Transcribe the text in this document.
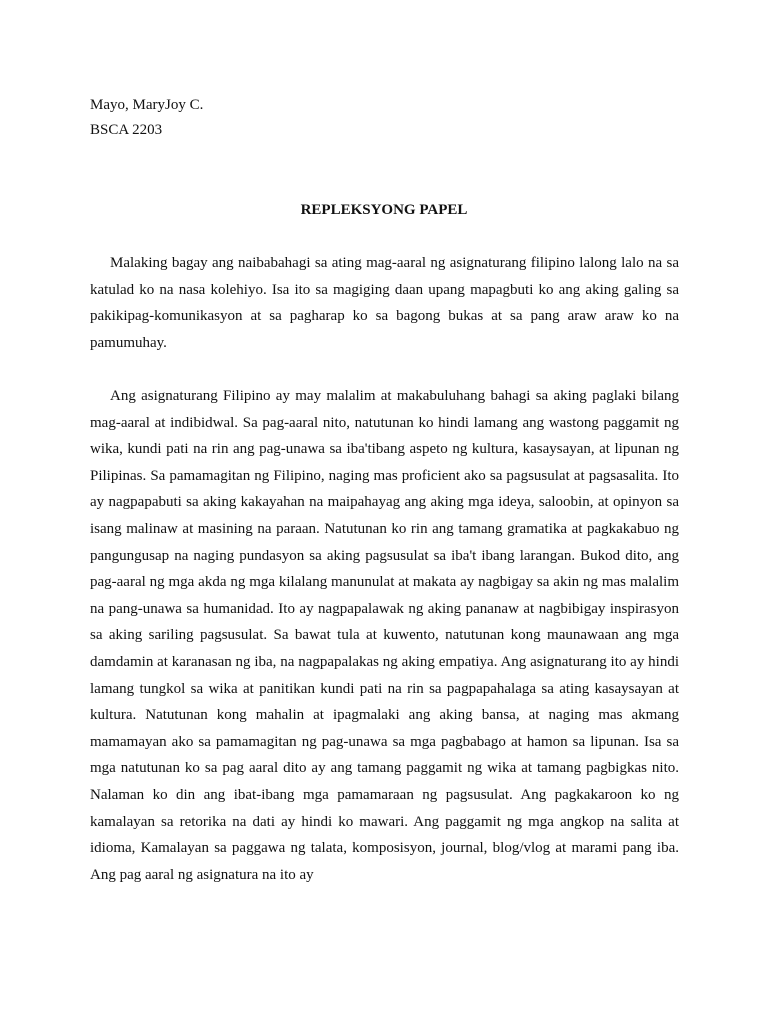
Mayo, MaryJoy C.
BSCA 2203
REPLEKSYONG PAPEL

Malaking bagay ang naibabahagi sa ating mag-aaral ng asignaturang filipino lalong lalo na sa katulad ko na nasa kolehiyo. Isa ito sa magiging daan upang mapagbuti ko ang aking galing sa pakikipag-komunikasyon at sa pagharap ko sa bagong bukas at sa pang araw araw ko na pamumuhay.

Ang asignaturang Filipino ay may malalim at makabuluhang bahagi sa aking paglaki bilang mag-aaral at indibidwal. Sa pag-aaral nito, natutunan ko hindi lamang ang wastong paggamit ng wika, kundi pati na rin ang pag-unawa sa iba'tibang aspeto ng kultura, kasaysayan, at lipunan ng Pilipinas. Sa pamamagitan ng Filipino, naging mas proficient ako sa pagsusulat at pagsasalita. Ito ay nagpapabuti sa aking kakayahan na maipahayag ang aking mga ideya, saloobin, at opinyon sa isang malinaw at masining na paraan. Natutunan ko rin ang tamang gramatika at pagkakabuo ng pangungusap na naging pundasyon sa aking pagsusulat sa iba't ibang larangan. Bukod dito, ang pag-aaral ng mga akda ng mga kilalang manunulat at makata ay nagbigay sa akin ng mas malalim na pang-unawa sa humanidad. Ito ay nagpapalawak ng aking pananaw at nagbibigay inspirasyon sa aking sariling pagsusulat. Sa bawat tula at kuwento, natutunan kong maunawaan ang mga damdamin at karanasan ng iba, na nagpapalakas ng aking empatiya. Ang asignaturang ito ay hindi lamang tungkol sa wika at panitikan kundi pati na rin sa pagpapahalaga sa ating kasaysayan at kultura. Natutunan kong mahalin at ipagmalaki ang aking bansa, at naging mas akmang mamamayan ako sa pamamagitan ng pag-unawa sa mga pagbabago at hamon sa lipunan. Isa sa mga natutunan ko sa pag aaral dito ay ang tamang paggamit ng wika at tamang pagbigkas nito. Nalaman ko din ang ibat-ibang mga pamamaraan ng pagsusulat. Ang pagkakaroon ko ng kamalayan sa retorika na dati ay hindi ko mawari. Ang paggamit ng mga angkop na salita at idioma, Kamalayan sa paggawa ng talata, komposisyon, journal, blog/vlog at marami pang iba. Ang pag aaral ng asignatura na ito ay
